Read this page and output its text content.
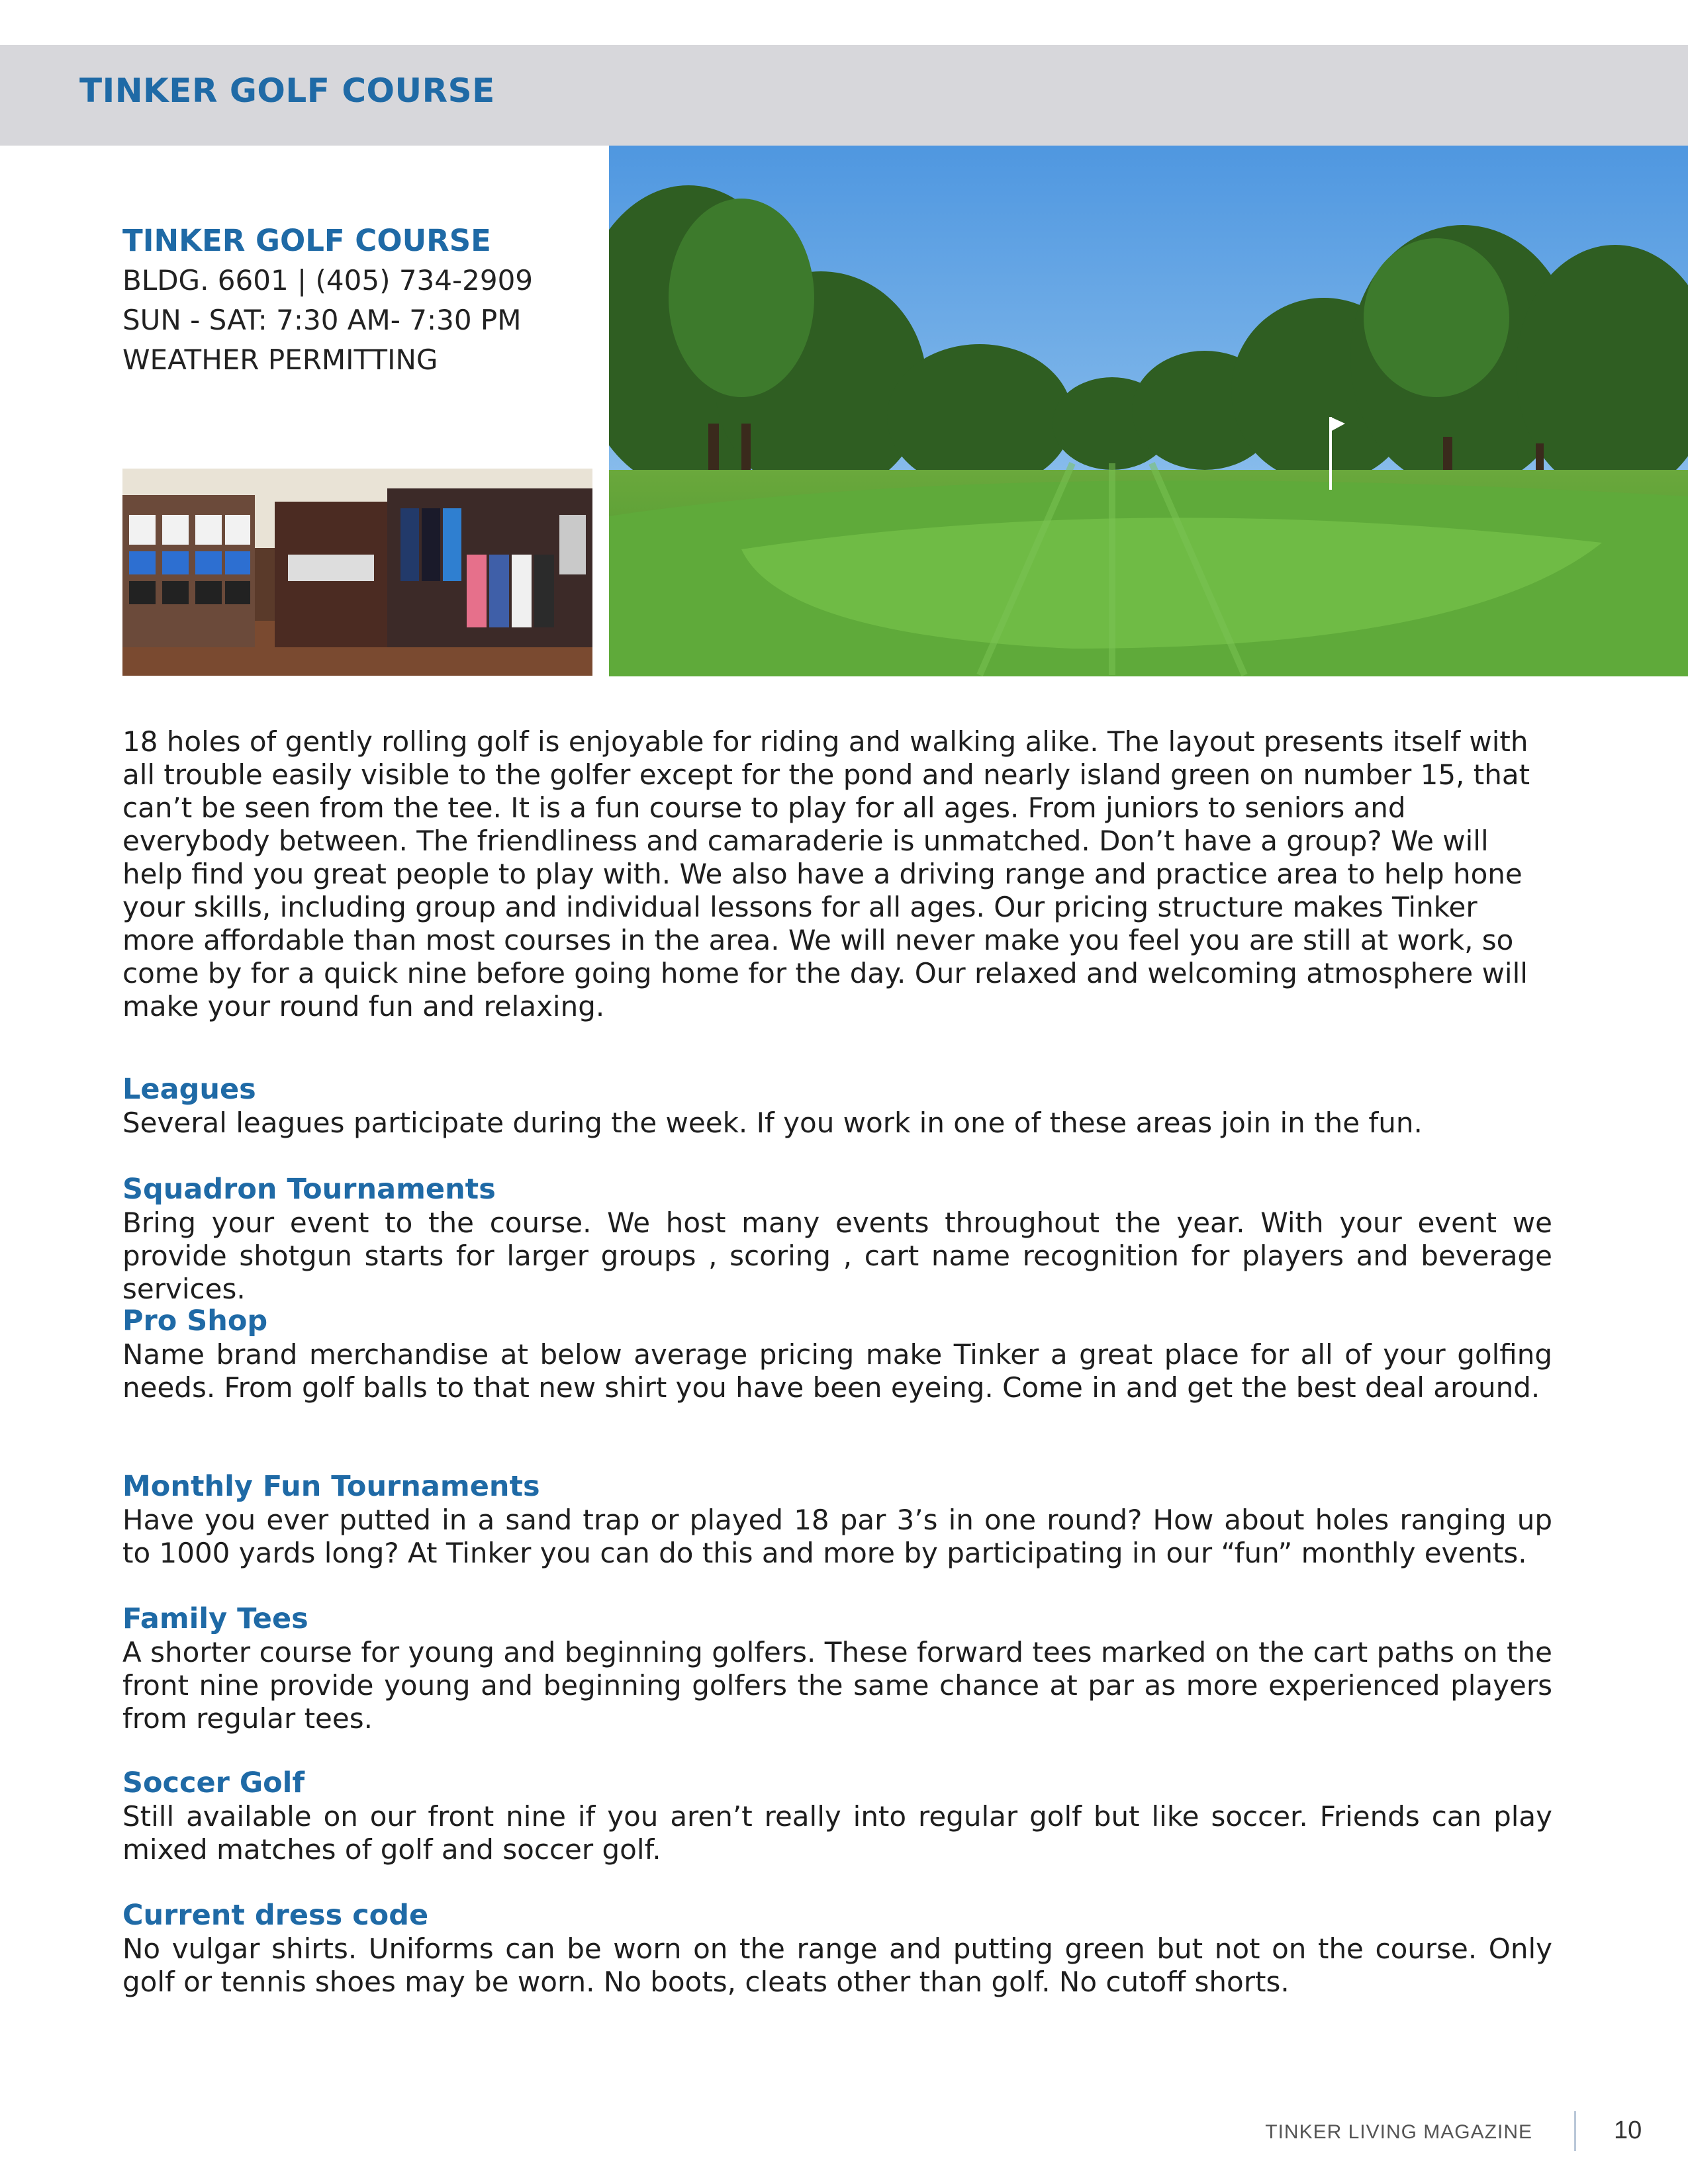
TINKER GOLF COURSE

TINKER GOLF COURSE

BLDG. 6601 | (405) 734-2909

SUN - SAT: 7:30 AM- 7:30 PM

WEATHER PERMITTING

18 holes of gently rolling golf is enjoyable for riding and walking alike. The layout presents itself with all trouble easily visible to the golfer except for the pond and nearly island green on number 15, that can’t be seen from the tee. It is a fun course to play for all ages. From juniors to seniors and everybody between. The friendliness and camaraderie is unmatched. Don’t have a group? We will help find you great people to play with. We also have a driving range and practice area to help hone your skills, including group and individual lessons for all ages. Our pricing structure makes Tinker more affordable than most courses in the area. We will never make you feel you are still at work, so come by for a quick nine before going home for the day. Our relaxed and welcoming atmosphere will make your round fun and relaxing.

Leagues

Several leagues participate during the week. If you work in one of these areas join in the fun.

Squadron Tournaments

Bring your event to the course. We host many events throughout the year. With your event we provide shotgun starts for larger groups , scoring , cart name recognition for players and beverage services.

Pro Shop

Name brand merchandise at below average pricing make Tinker a great place for all of your golfing needs. From golf balls to that new shirt you have been eyeing. Come in and get the best deal around.

Monthly Fun Tournaments

Have you ever putted in a sand trap or played 18 par 3’s in one round? How about holes ranging up to 1000 yards long? At Tinker you can do this and more by participating in our “fun” monthly events.

Family Tees

A shorter course for young and beginning golfers. These forward tees marked on the cart paths on the front nine provide young and beginning golfers the same chance at par as more experienced players from regular tees.

Soccer Golf

Still available on our front nine if you aren’t really into regular golf but like soccer. Friends can play mixed matches of golf and soccer golf.

Current dress code

No vulgar shirts. Uniforms can be worn on the range and putting green but not on the course. Only golf or tennis shoes may be worn. No boots, cleats other than golf. No cutoff shorts.

TINKER LIVING MAGAZINE	10
